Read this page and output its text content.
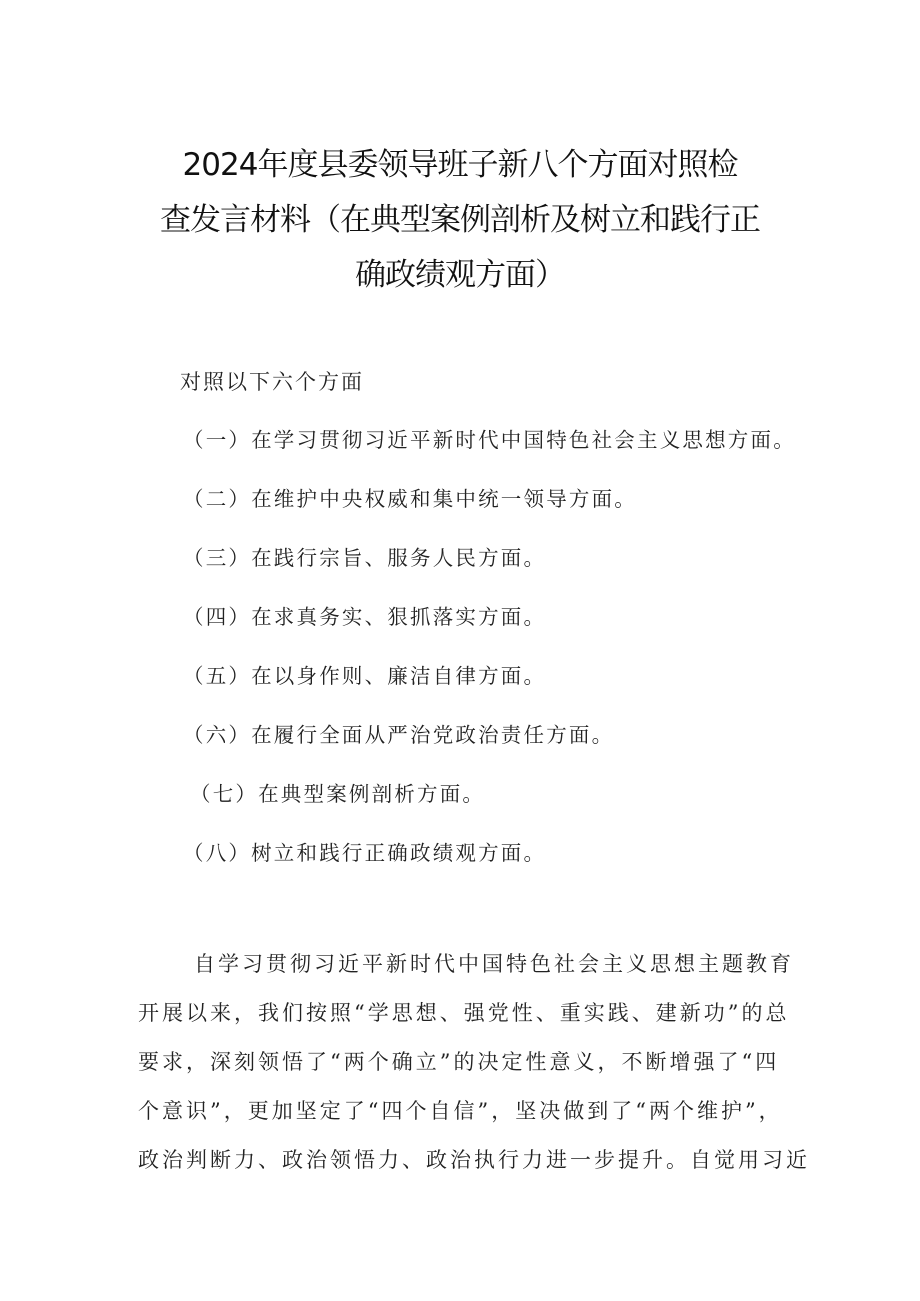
2024年度县委领导班子新八个方面对照检
查发言材料（在典型案例剖析及树立和践行正
确政绩观方面）
对照以下六个方面
（一）在学习贯彻习近平新时代中国特色社会主义思想方面。
（二）在维护中央权威和集中统一领导方面。
（三）在践行宗旨、服务人民方面。
（四）在求真务实、狠抓落实方面。
（五）在以身作则、廉洁自律方面。
（六）在履行全面从严治党政治责任方面。
（七）在典型案例剖析方面。
（八）树立和践行正确政绩观方面。
自学习贯彻习近平新时代中国特色社会主义思想主题教育
开展以来，我们按照“学思想、强党性、重实践、建新功”的总
要求，深刻领悟了“两个确立”的决定性意义，不断增强了“四
个意识”，更加坚定了“四个自信”，坚决做到了“两个维护”，
政治判断力、政治领悟力、政治执行力进一步提升。自觉用习近
